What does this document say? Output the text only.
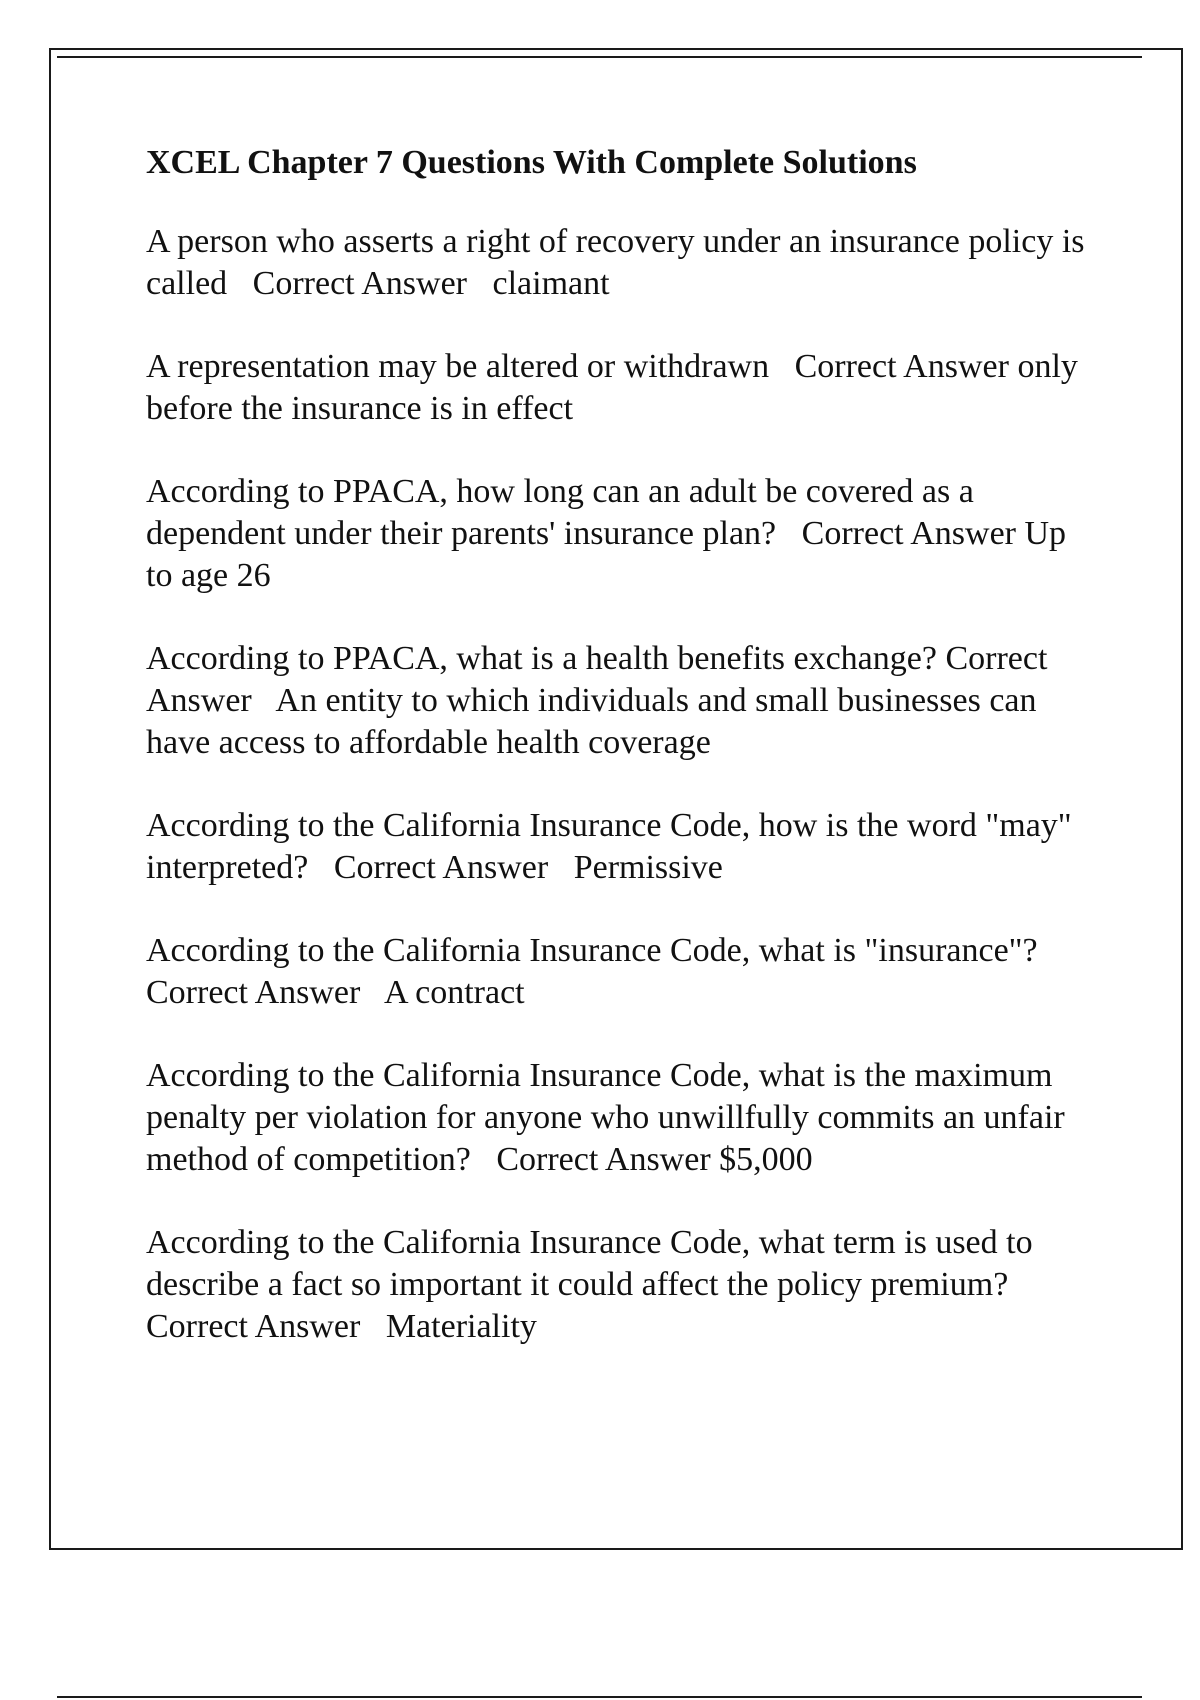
XCEL Chapter 7 Questions With Complete Solutions
A person who asserts a right of recovery under an insurance policy is called Correct Answer claimant
A representation may be altered or withdrawn Correct Answer only before the insurance is in effect
According to PPACA, how long can an adult be covered as a dependent under their parents' insurance plan? Correct Answer Up to age 26
According to PPACA, what is a health benefits exchange? Correct Answer An entity to which individuals and small businesses can have access to affordable health coverage
According to the California Insurance Code, how is the word "may" interpreted? Correct Answer Permissive
According to the California Insurance Code, what is "insurance"?   Correct Answer A contract
According to the California Insurance Code, what is the maximum penalty per violation for anyone who unwillfully commits an unfair method of competition? Correct Answer $5,000
According to the California Insurance Code, what term is used to describe a fact so important it could affect the policy premium?   Correct Answer Materiality
